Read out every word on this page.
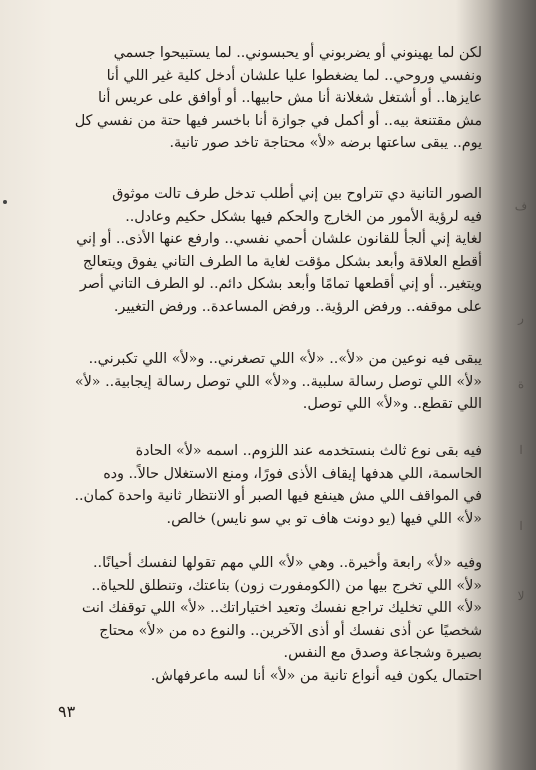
لكن لما يهينوني أو يضربوني أو يحبسوني.. لما يستبيحوا جسمي
ونفسي وروحي.. لما يضغطوا عليا علشان أدخل كلية غير اللي أنا
عايزها.. أو أشتغل شغلانة أنا مش حابيها.. أو أوافق على عريس أنا
مش مقتنعة بيه.. أو أكمل في جوازة أنا باخسر فيها حتة من نفسي كل
يوم.. يبقى ساعتها برضه «لأ» محتاجة تاخد صور تانية.
الصور التانية دي تتراوح بين إني أطلب تدخل طرف تالت موثوق
فيه لرؤية الأمور من الخارج والحكم فيها بشكل حكيم وعادل..
لغاية إني ألجأ للقانون علشان أحمي نفسي.. وارفع عنها الأذى.. أو إني
أقطع العلاقة وأبعد بشكل مؤقت لغاية ما الطرف التاني يفوق ويتعالج
ويتغير.. أو إني أقطعها تمامًا وأبعد بشكل دائم.. لو الطرف التاني أصر
على موقفه.. ورفض الرؤية.. ورفض المساعدة.. ورفض التغيير.
يبقى فيه نوعين من «لأ».. «لأ» اللي تصغرني.. و«لأ» اللي تكبرني..
«لأ» اللي توصل رسالة سلبية.. و«لأ» اللي توصل رسالة إيجابية.. «لأ»
اللي تقطع.. و«لأ» اللي توصل.
فيه بقى نوع ثالث بنستخدمه عند اللزوم.. اسمه «لأ» الحادة
الحاسمة، اللي هدفها إيقاف الأذى فورًا، ومنع الاستغلال حالاً.. وده
في المواقف اللي مش هينفع فيها الصبر أو الانتظار ثانية واحدة كمان..
«لأ» اللي فيها (يو دونت هاف تو بي سو نايس) خالص.
وفيه «لأ» رابعة وأخيرة.. وهي «لأ» اللي مهم تقولها لنفسك أحيانًا..
«لأ» اللي تخرج بيها من (الكومفورت زون) بتاعتك، وتنطلق للحياة..
«لأ» اللي تخليك تراجع نفسك وتعيد اختياراتك.. «لأ» اللي توقفك انت
شخصيًا عن أذى نفسك أو أذى الآخرين.. والنوع ده من «لأ» محتاج
بصيرة وشجاعة وصدق مع النفس.
احتمال يكون فيه أنواع تانية من «لأ» أنا لسه ماعرفهاش.
٩٣
ف
ر
ة
ا
ا
لا
